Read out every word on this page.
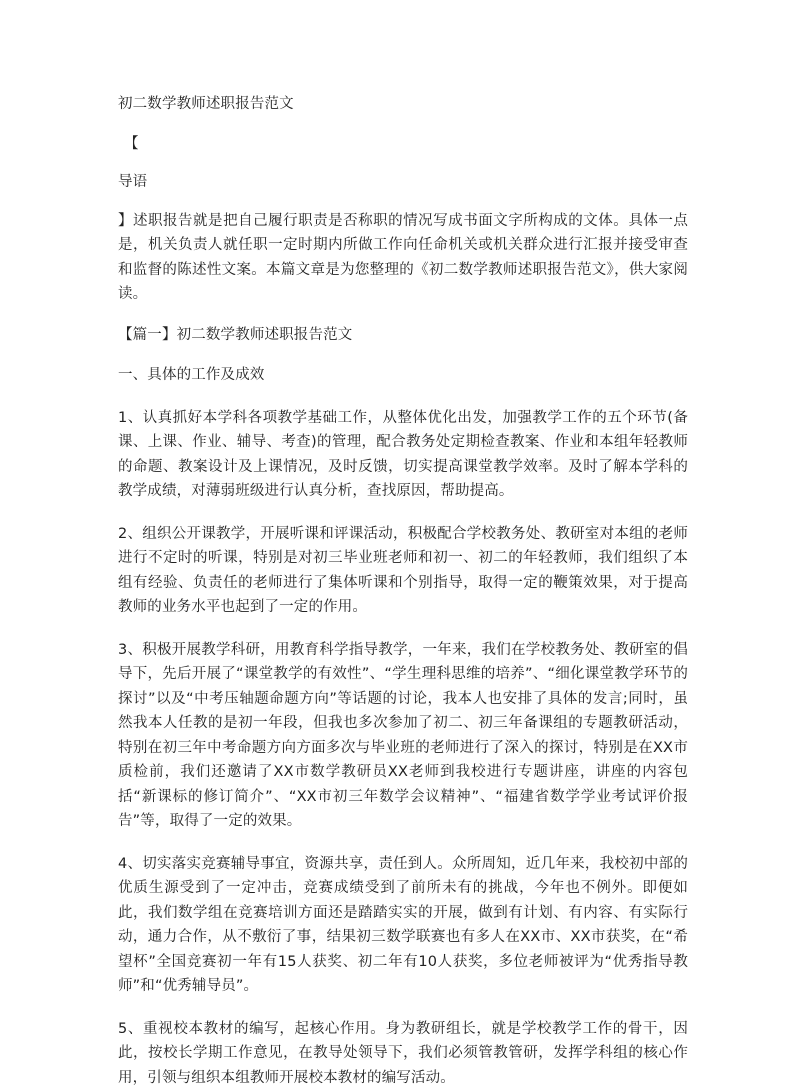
初二数学教师述职报告范文

【

导语

】述职报告就是把自己履行职责是否称职的情况写成书面文字所构成的文体。具体一点是，机关负责人就任职一定时期内所做工作向任命机关或机关群众进行汇报并接受审查和监督的陈述性文案。本篇文章是为您整理的《初二数学教师述职报告范文》，供大家阅读。

【篇一】初二数学教师述职报告范文

一、具体的工作及成效

1、认真抓好本学科各项教学基础工作，从整体优化出发，加强教学工作的五个环节(备课、上课、作业、辅导、考查)的管理，配合教务处定期检查教案、作业和本组年轻教师的命题、教案设计及上课情况，及时反馈，切实提高课堂教学效率。及时了解本学科的教学成绩，对薄弱班级进行认真分析，查找原因，帮助提高。

2、组织公开课教学，开展听课和评课活动，积极配合学校教务处、教研室对本组的老师进行不定时的听课，特别是对初三毕业班老师和初一、初二的年轻教师，我们组织了本组有经验、负责任的老师进行了集体听课和个别指导，取得一定的鞭策效果，对于提高教师的业务水平也起到了一定的作用。

3、积极开展教学科研，用教育科学指导教学，一年来，我们在学校教务处、教研室的倡导下，先后开展了“课堂教学的有效性”、“学生理科思维的培养”、“细化课堂教学环节的探讨”以及“中考压轴题命题方向”等话题的讨论，我本人也安排了具体的发言;同时，虽然我本人任教的是初一年段，但我也多次参加了初二、初三年备课组的专题教研活动，特别在初三年中考命题方向方面多次与毕业班的老师进行了深入的探讨，特别是在XX市质检前，我们还邀请了XX市数学教研员XX老师到我校进行专题讲座，讲座的内容包括“新课标的修订简介”、“XX市初三年数学会议精神”、“福建省数学学业考试评价报告”等，取得了一定的效果。

4、切实落实竞赛辅导事宜，资源共享，责任到人。众所周知，近几年来，我校初中部的优质生源受到了一定冲击，竞赛成绩受到了前所未有的挑战，今年也不例外。即便如此，我们数学组在竞赛培训方面还是踏踏实实的开展，做到有计划、有内容、有实际行动，通力合作，从不敷衍了事，结果初三数学联赛也有多人在XX市、XX市获奖，在“希望杯”全国竞赛初一年有15人获奖、初二年有10人获奖，多位老师被评为“优秀指导教师”和“优秀辅导员”。

5、重视校本教材的编写，起核心作用。身为教研组长，就是学校教学工作的骨干，因此，按校长学期工作意见，在教导处领导下，我们必须管教管研，发挥学科组的核心作用，引领与组织本组教师开展校本教材的编写活动。
